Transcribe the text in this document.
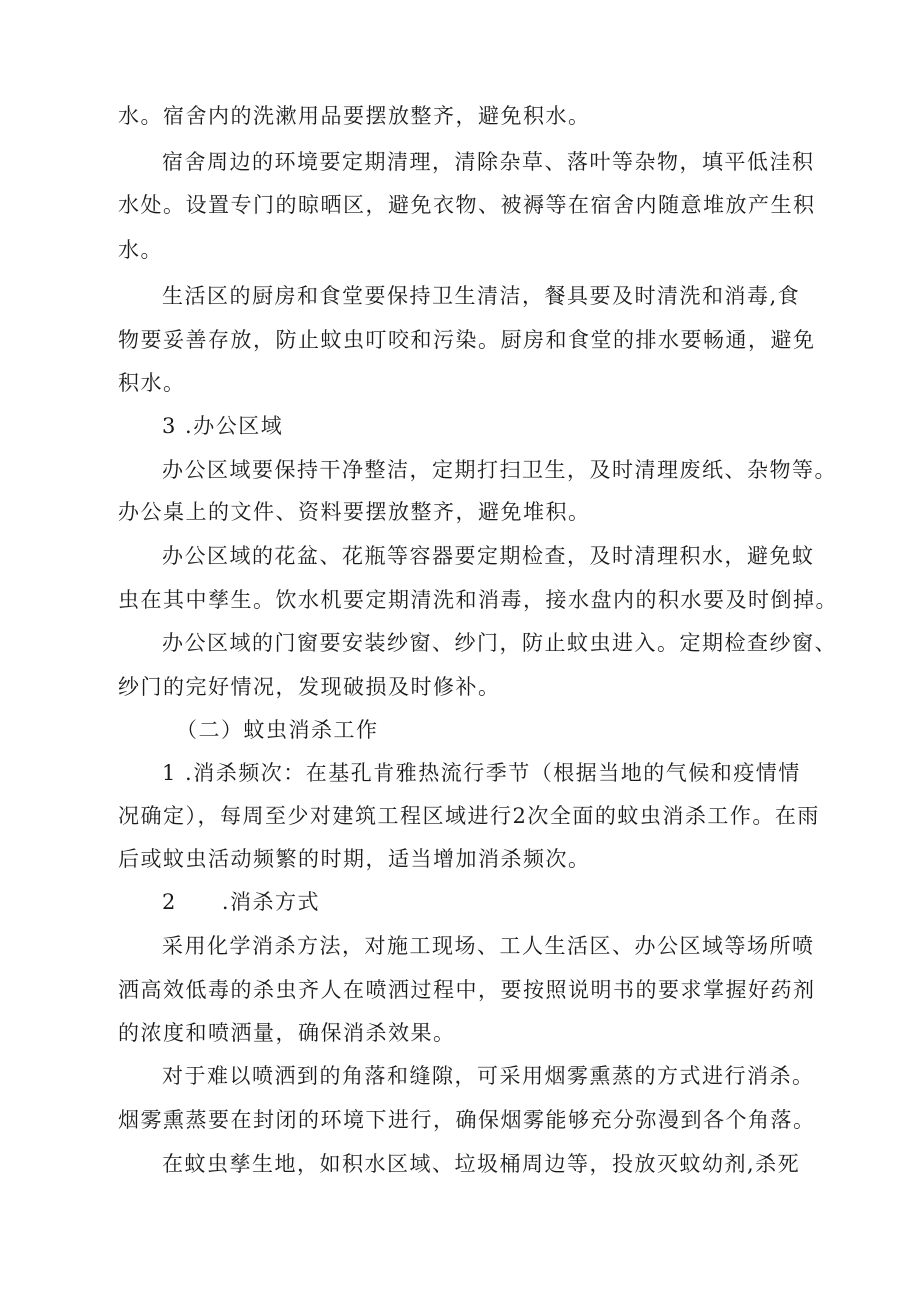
水。宿舍内的洗漱用品要摆放整齐，避免积水。
宿舍周边的环境要定期清理，清除杂草、落叶等杂物，填平低洼积
水处。设置专门的晾晒区，避免衣物、被褥等在宿舍内随意堆放产生积
水。
生活区的厨房和食堂要保持卫生清洁，餐具要及时清洗和消毒,食
物要妥善存放，防止蚊虫叮咬和污染。厨房和食堂的排水要畅通，避免
积水。
3 .办公区域
办公区域要保持干净整洁，定期打扫卫生，及时清理废纸、杂物等。
办公桌上的文件、资料要摆放整齐，避免堆积。
办公区域的花盆、花瓶等容器要定期检查，及时清理积水，避免蚊
虫在其中孳生。饮水机要定期清洗和消毒，接水盘内的积水要及时倒掉。
办公区域的门窗要安装纱窗、纱门，防止蚊虫进入。定期检查纱窗、
纱门的完好情况，发现破损及时修补。
（二）蚊虫消杀工作
1 .消杀频次：在基孔肯雅热流行季节（根据当地的气候和疫情情
况确定），每周至少对建筑工程区域进行2次全面的蚊虫消杀工作。在雨
后或蚊虫活动频繁的时期，适当增加消杀频次。
2　　.消杀方式
采用化学消杀方法，对施工现场、工人生活区、办公区域等场所喷
洒高效低毒的杀虫齐人在喷洒过程中，要按照说明书的要求掌握好药剂
的浓度和喷洒量，确保消杀效果。
对于难以喷洒到的角落和缝隙，可采用烟雾熏蒸的方式进行消杀。
烟雾熏蒸要在封闭的环境下进行，确保烟雾能够充分弥漫到各个角落。
在蚊虫孳生地，如积水区域、垃圾桶周边等，投放灭蚊幼剂,杀死
